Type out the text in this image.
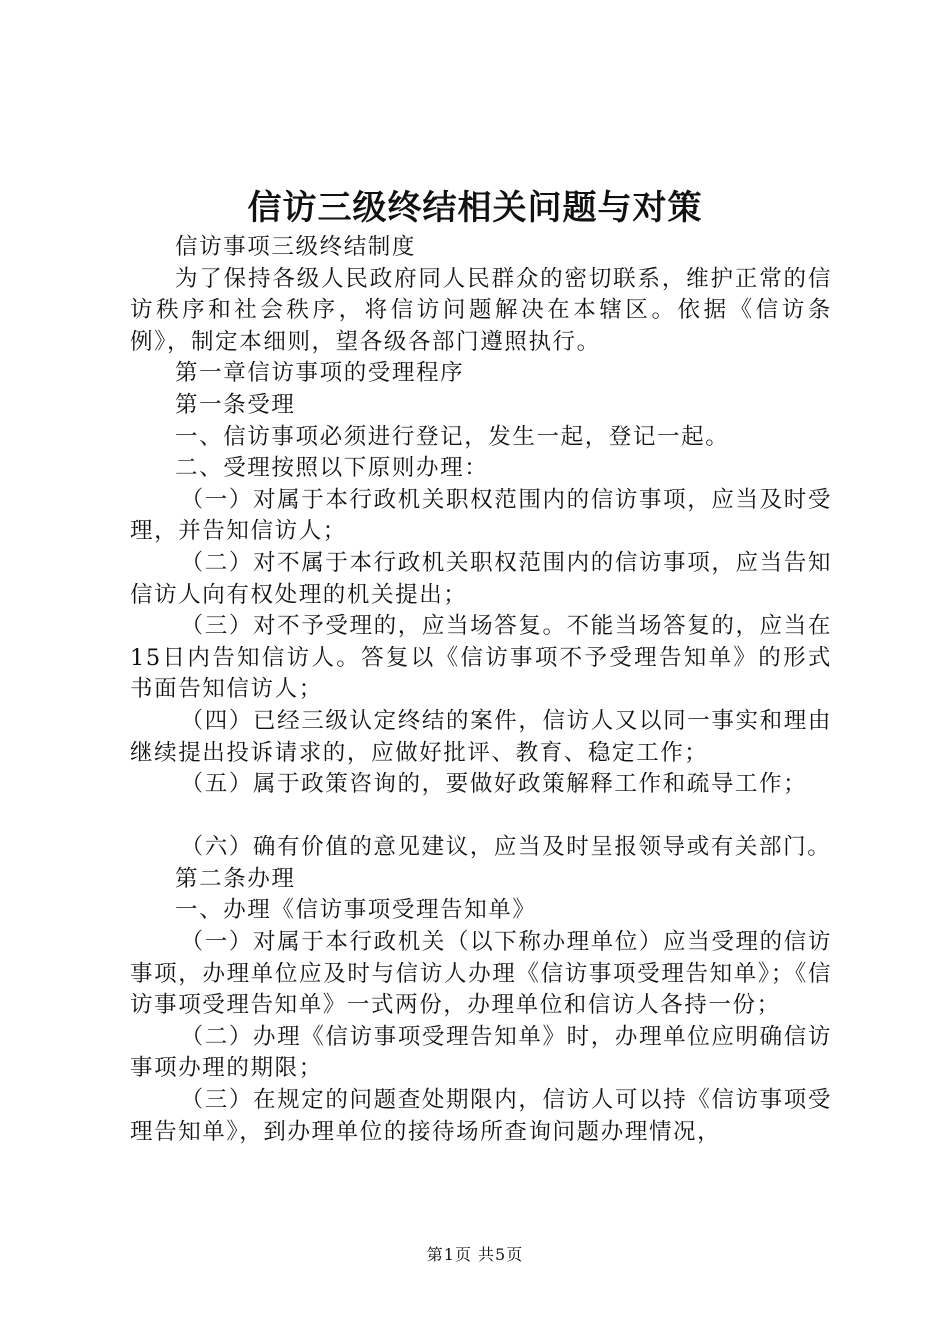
信访三级终结相关问题与对策

信访事项三级终结制度

为了保持各级人民政府同人民群众的密切联系，维护正常的信访秩序和社会秩序，将信访问题解决在本辖区。依据《信访条例》，制定本细则，望各级各部门遵照执行。

第一章信访事项的受理程序

第一条受理

一、信访事项必须进行登记，发生一起，登记一起。

二、受理按照以下原则办理：

（一）对属于本行政机关职权范围内的信访事项，应当及时受理，并告知信访人；

（二）对不属于本行政机关职权范围内的信访事项，应当告知信访人向有权处理的机关提出；

（三）对不予受理的，应当场答复。不能当场答复的，应当在15日内告知信访人。答复以《信访事项不予受理告知单》的形式书面告知信访人；

（四）已经三级认定终结的案件，信访人又以同一事实和理由继续提出投诉请求的，应做好批评、教育、稳定工作；

（五）属于政策咨询的，要做好政策解释工作和疏导工作；

（六）确有价值的意见建议，应当及时呈报领导或有关部门。

第二条办理

一、办理《信访事项受理告知单》

（一）对属于本行政机关（以下称办理单位）应当受理的信访事项，办理单位应及时与信访人办理《信访事项受理告知单》；《信访事项受理告知单》一式两份，办理单位和信访人各持一份；

（二）办理《信访事项受理告知单》时，办理单位应明确信访事项办理的期限；

（三）在规定的问题查处期限内，信访人可以持《信访事项受理告知单》，到办理单位的接待场所查询问题办理情况，

第1页 共5页
